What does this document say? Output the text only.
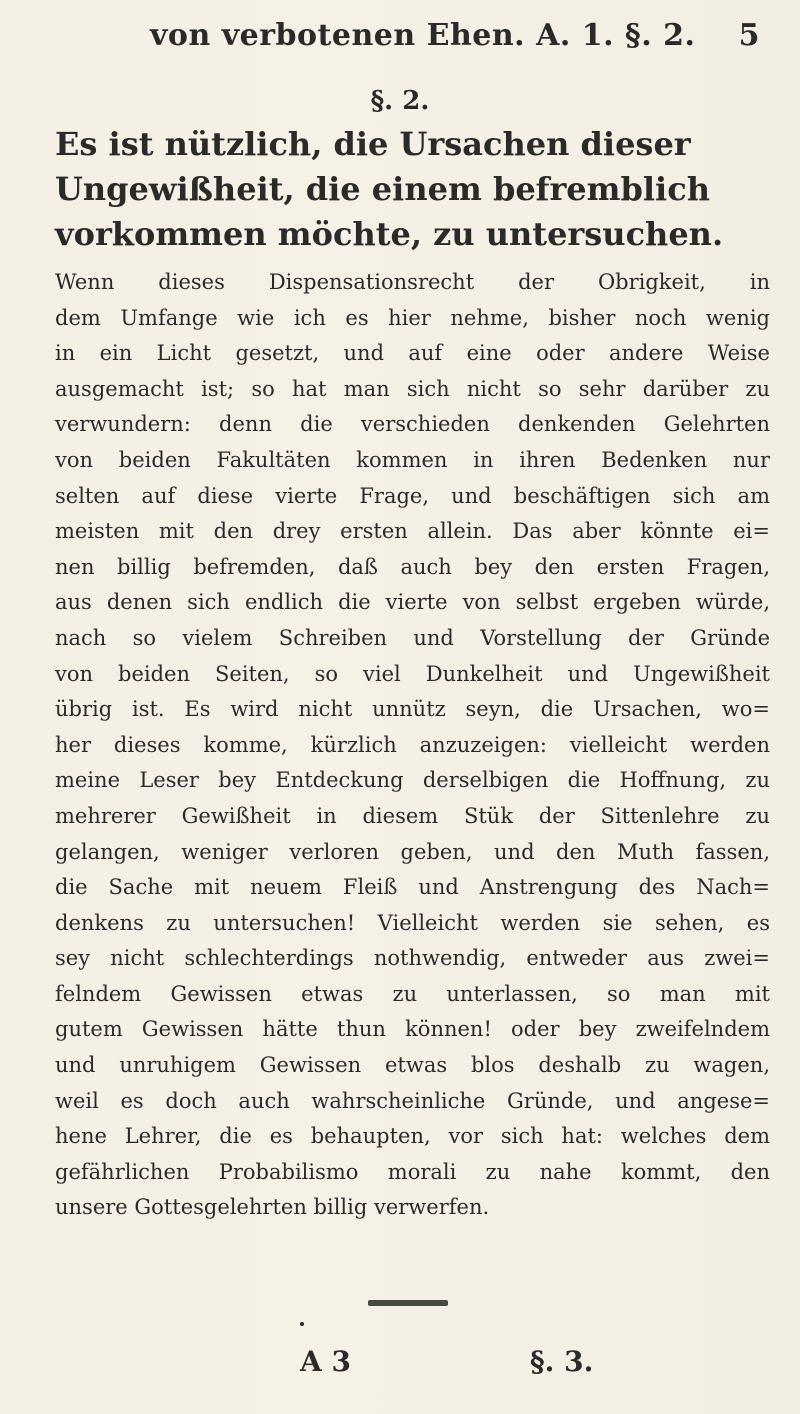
von verbotenen Ehen. A. 1. §. 2. 5
§. 2.
Es ist nützlich, die Ursachen dieser Ungewißheit, die einem befremblich vorkommen möchte, zu untersuchen.
Wenn dieses Dispensationsrecht der Obrigkeit, in
dem Umfange wie ich es hier nehme, bisher noch wenig
in ein Licht gesetzt, und auf eine oder andere Weise
ausgemacht ist; so hat man sich nicht so sehr darüber zu
verwundern: denn die verschieden denkenden Gelehrten
von beiden Fakultäten kommen in ihren Bedenken nur
selten auf diese vierte Frage, und beschäftigen sich am
meisten mit den drey ersten allein. Das aber könnte ei=
nen billig befremden, daß auch bey den ersten Fragen,
aus denen sich endlich die vierte von selbst ergeben würde,
nach so vielem Schreiben und Vorstellung der Gründe
von beiden Seiten, so viel Dunkelheit und Ungewißheit
übrig ist. Es wird nicht unnütz seyn, die Ursachen, wo=
her dieses komme, kürzlich anzuzeigen: vielleicht werden
meine Leser bey Entdeckung derselbigen die Hoffnung, zu
mehrerer Gewißheit in diesem Stük der Sittenlehre zu
gelangen, weniger verloren geben, und den Muth fassen,
die Sache mit neuem Fleiß und Anstrengung des Nach=
denkens zu untersuchen! Vielleicht werden sie sehen, es
sey nicht schlechterdings nothwendig, entweder aus zwei=
felndem Gewissen etwas zu unterlassen, so man mit
gutem Gewissen hätte thun können! oder bey zweifelndem
und unruhigem Gewissen etwas blos deshalb zu wagen,
weil es doch auch wahrscheinliche Gründe, und angese=
hene Lehrer, die es behaupten, vor sich hat: welches dem
gefährlichen Probabilismo morali zu nahe kommt, den
unsere Gottesgelehrten billig verwerfen.
A 3	§. 3.
